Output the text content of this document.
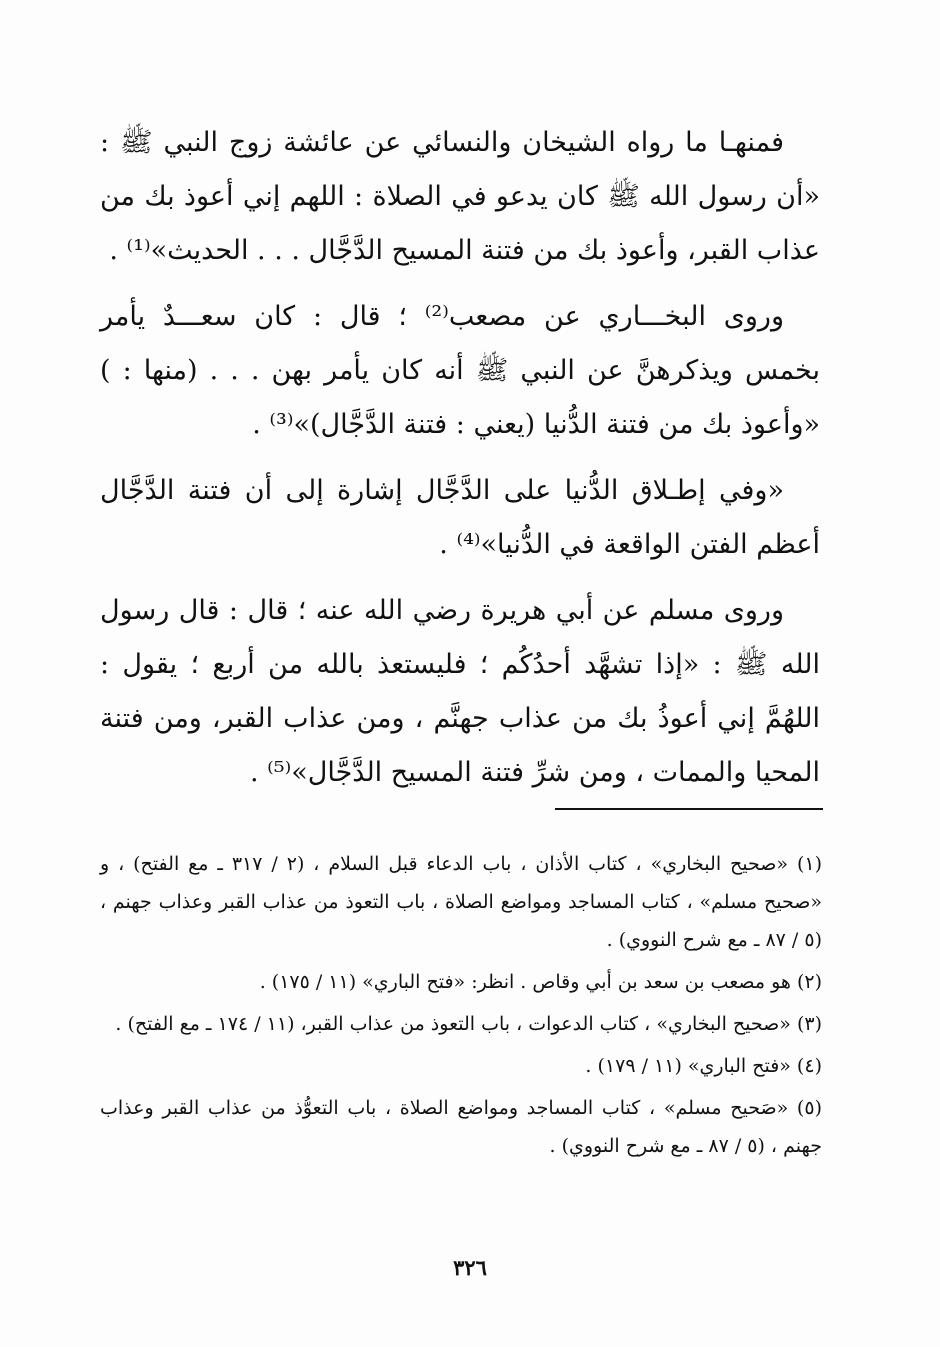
فمنهـا ما رواه الشيخان والنسائي عن عائشة زوج النبي ﷺ : «أن رسول الله ﷺ كان يدعو في الصلاة : اللهم إني أعوذ بك من عذاب القبر، وأعوذ بك من فتنة المسيح الدَّجَّال . . . الحديث»⁽¹⁾ .

وروى البخـــاري عن مصعب⁽²⁾ ؛ قال : كان سعـــدٌ يأمر بخمس ويذكرهنَّ عن النبي ﷺ أنه كان يأمر بهن . . . (منها : ) «وأعوذ بك من فتنة الدُّنيا (يعني : فتنة الدَّجَّال)»⁽³⁾ .

«وفي إطـلاق الدُّنيا على الدَّجَّال إشارة إلى أن فتنة الدَّجَّال أعظم الفتن الواقعة في الدُّنيا»⁽⁴⁾ .

وروى مسلم عن أبي هريرة رضي الله عنه ؛ قال : قال رسول الله ﷺ : «إذا تشهَّد أحدُكُم ؛ فليستعذ بالله من أربع ؛ يقول : اللهُمَّ إني أعوذُ بك من عذاب جهنَّم ، ومن عذاب القبر، ومن فتنة المحيا والممات ، ومن شرِّ فتنة المسيح الدَّجَّال»⁽⁵⁾ .

(١) «صحيح البخاري» ، كتاب الأذان ، باب الدعاء قبل السلام ، (٢ / ٣١٧ ـ مع الفتح) ، و «صحيح مسلم» ، كتاب المساجد ومواضع الصلاة ، باب التعوذ من عذاب القبر وعذاب جهنم ، (٥ / ٨٧ ـ مع شرح النووي) .

(٢) هو مصعب بن سعد بن أبي وقاص . انظر: «فتح الباري» (١١ / ١٧٥) .

(٣) «صحيح البخاري» ، كتاب الدعوات ، باب التعوذ من عذاب القبر، (١١ / ١٧٤ ـ مع الفتح) .

(٤) «فتح الباري» (١١ / ١٧٩) .

(٥) «صَحيح مسلم» ، كتاب المساجد ومواضع الصلاة ، باب التعوُّذ من عذاب القبر وعذاب جهنم ، (٥ / ٨٧ ـ مع شرح النووي) .

٣٢٦
